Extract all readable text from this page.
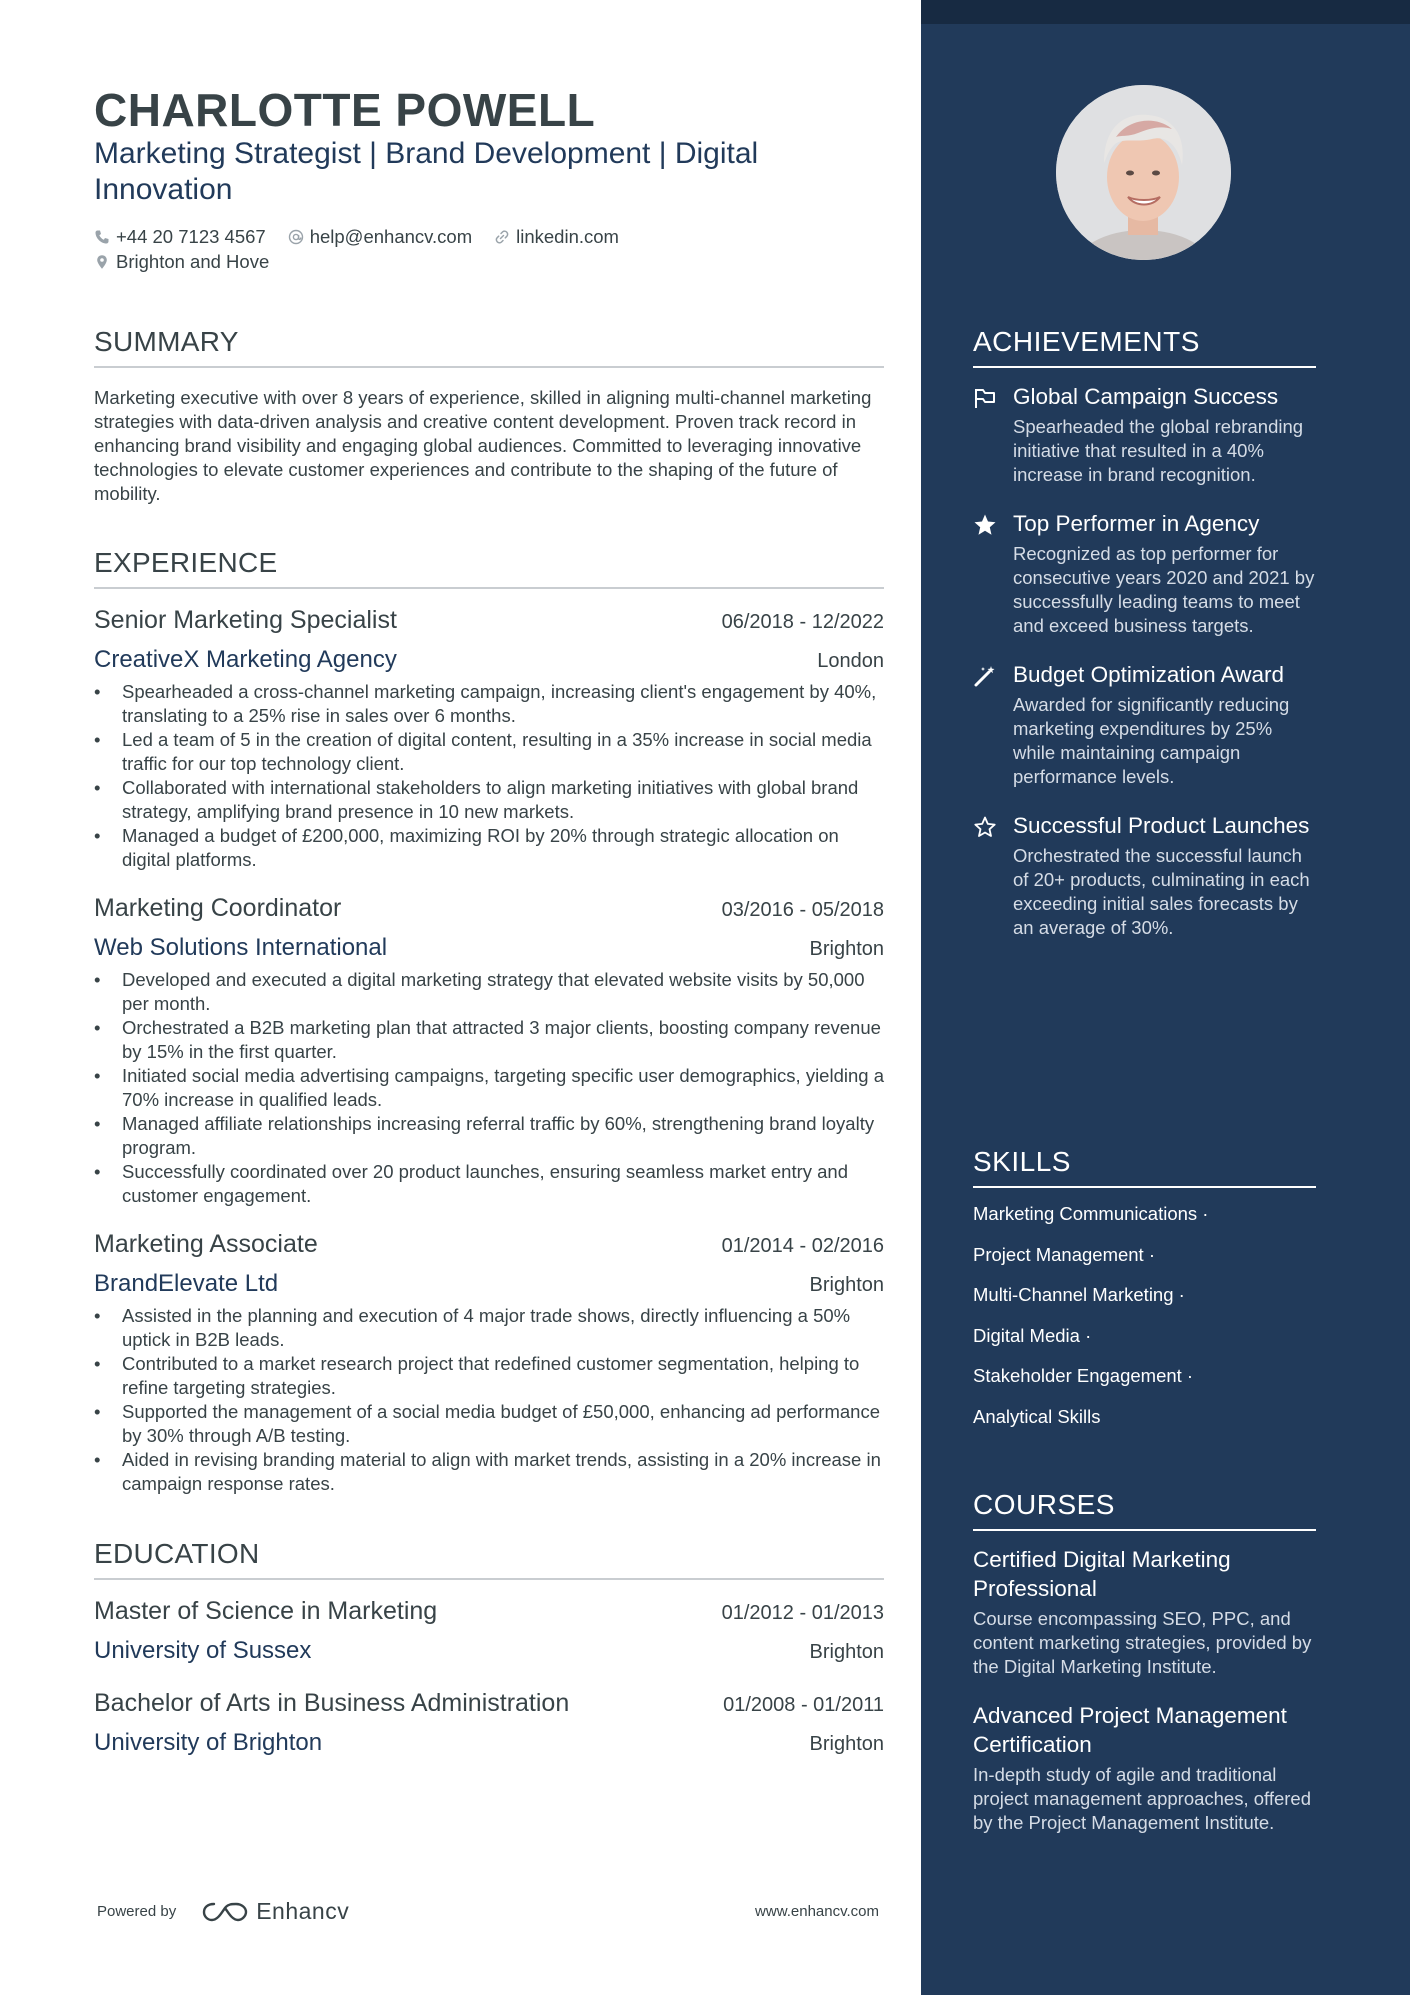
CHARLOTTE POWELL
Marketing Strategist | Brand Development | Digital Innovation
+44 20 7123 4567 help@enhancv.com linkedin.com
Brighton and Hove
SUMMARY
Marketing executive with over 8 years of experience, skilled in aligning multi-channel marketing strategies with data-driven analysis and creative content development. Proven track record in enhancing brand visibility and engaging global audiences. Committed to leveraging innovative technologies to elevate customer experiences and contribute to the shaping of the future of mobility.
EXPERIENCE
Senior Marketing Specialist	06/2018 - 12/2022
CreativeX Marketing Agency	London
• Spearheaded a cross-channel marketing campaign, increasing client's engagement by 40%, translating to a 25% rise in sales over 6 months.
• Led a team of 5 in the creation of digital content, resulting in a 35% increase in social media traffic for our top technology client.
• Collaborated with international stakeholders to align marketing initiatives with global brand strategy, amplifying brand presence in 10 new markets.
• Managed a budget of £200,000, maximizing ROI by 20% through strategic allocation on digital platforms.
Marketing Coordinator	03/2016 - 05/2018
Web Solutions International	Brighton
• Developed and executed a digital marketing strategy that elevated website visits by 50,000 per month.
• Orchestrated a B2B marketing plan that attracted 3 major clients, boosting company revenue by 15% in the first quarter.
• Initiated social media advertising campaigns, targeting specific user demographics, yielding a 70% increase in qualified leads.
• Managed affiliate relationships increasing referral traffic by 60%, strengthening brand loyalty program.
• Successfully coordinated over 20 product launches, ensuring seamless market entry and customer engagement.
Marketing Associate	01/2014 - 02/2016
BrandElevate Ltd	Brighton
• Assisted in the planning and execution of 4 major trade shows, directly influencing a 50% uptick in B2B leads.
• Contributed to a market research project that redefined customer segmentation, helping to refine targeting strategies.
• Supported the management of a social media budget of £50,000, enhancing ad performance by 30% through A/B testing.
• Aided in revising branding material to align with market trends, assisting in a 20% increase in campaign response rates.
EDUCATION
Master of Science in Marketing	01/2012 - 01/2013
University of Sussex	Brighton
Bachelor of Arts in Business Administration	01/2008 - 01/2011
University of Brighton	Brighton
Powered by	Enhancv	www.enhancv.com
ACHIEVEMENTS
Global Campaign Success
Spearheaded the global rebranding initiative that resulted in a 40% increase in brand recognition.
Top Performer in Agency
Recognized as top performer for consecutive years 2020 and 2021 by successfully leading teams to meet and exceed business targets.
Budget Optimization Award
Awarded for significantly reducing marketing expenditures by 25% while maintaining campaign performance levels.
Successful Product Launches
Orchestrated the successful launch of 20+ products, culminating in each exceeding initial sales forecasts by an average of 30%.
SKILLS
Marketing Communications ·
Project Management ·
Multi-Channel Marketing ·
Digital Media ·
Stakeholder Engagement ·
Analytical Skills
COURSES
Certified Digital Marketing Professional
Course encompassing SEO, PPC, and content marketing strategies, provided by the Digital Marketing Institute.
Advanced Project Management Certification
In-depth study of agile and traditional project management approaches, offered by the Project Management Institute.
